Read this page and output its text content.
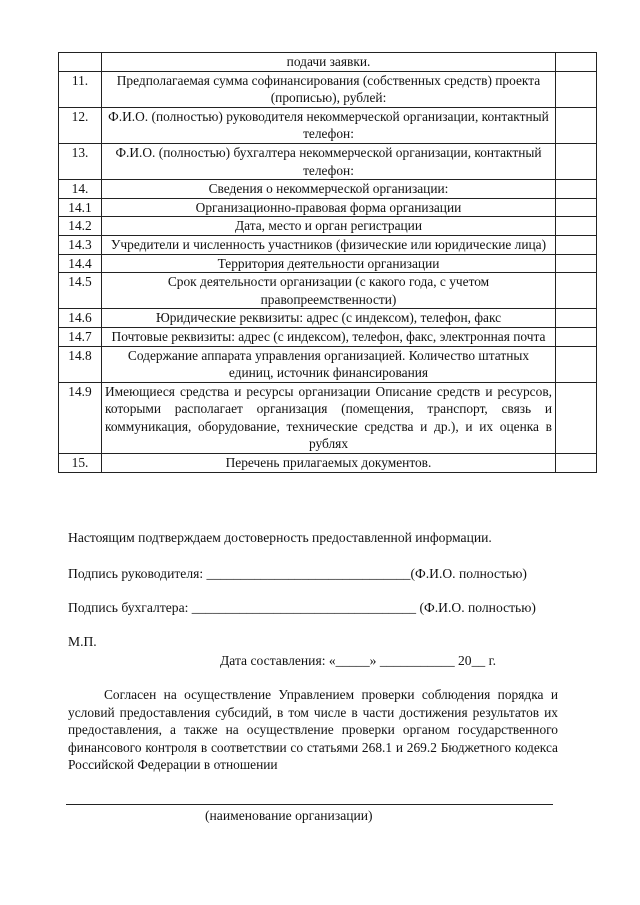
	подачи заявки.	
11.	Предполагаемая сумма софинансирования (собственных средств) проекта (прописью), рублей:	
12.	Ф.И.О. (полностью) руководителя некоммерческой организации, контактный телефон:	
13.	Ф.И.О. (полностью) бухгалтера некоммерческой организации, контактный телефон:	
14.	Сведения о некоммерческой организации:	
14.1	Организационно-правовая форма организации	
14.2	Дата, место и орган регистрации	
14.3	Учредители и численность участников (физические или юридические лица)	
14.4	Территория деятельности организации	
14.5	Срок деятельности организации (с какого года, с учетом правопреемственности)	
14.6	Юридические реквизиты: адрес (с индексом), телефон, факс	
14.7	Почтовые реквизиты: адрес (с индексом), телефон, факс, электронная почта	
14.8	Содержание аппарата управления организацией. Количество штатных единиц, источник финансирования	
14.9	Имеющиеся средства и ресурсы организации Описание средств и ресурсов, которыми располагает организация (помещения, транспорт, связь и коммуникация, оборудование, технические средства и др.), и их оценка в рублях	
15.	Перечень прилагаемых документов.	
Настоящим подтверждаем достоверность предоставленной информации.
Подпись руководителя: ______________________________(Ф.И.О. полностью)
Подпись бухгалтера: _________________________________ (Ф.И.О. полностью)
М.П.
Дата составления: «_____» ___________ 20__ г.
Согласен на осуществление Управлением проверки соблюдения порядка и условий предоставления субсидий, в том числе в части достижения результатов их предоставления, а также на осуществление проверки органом государственного финансового контроля в соответствии со статьями 268.1 и 269.2 Бюджетного кодекса Российской Федерации в отношении
(наименование организации)
